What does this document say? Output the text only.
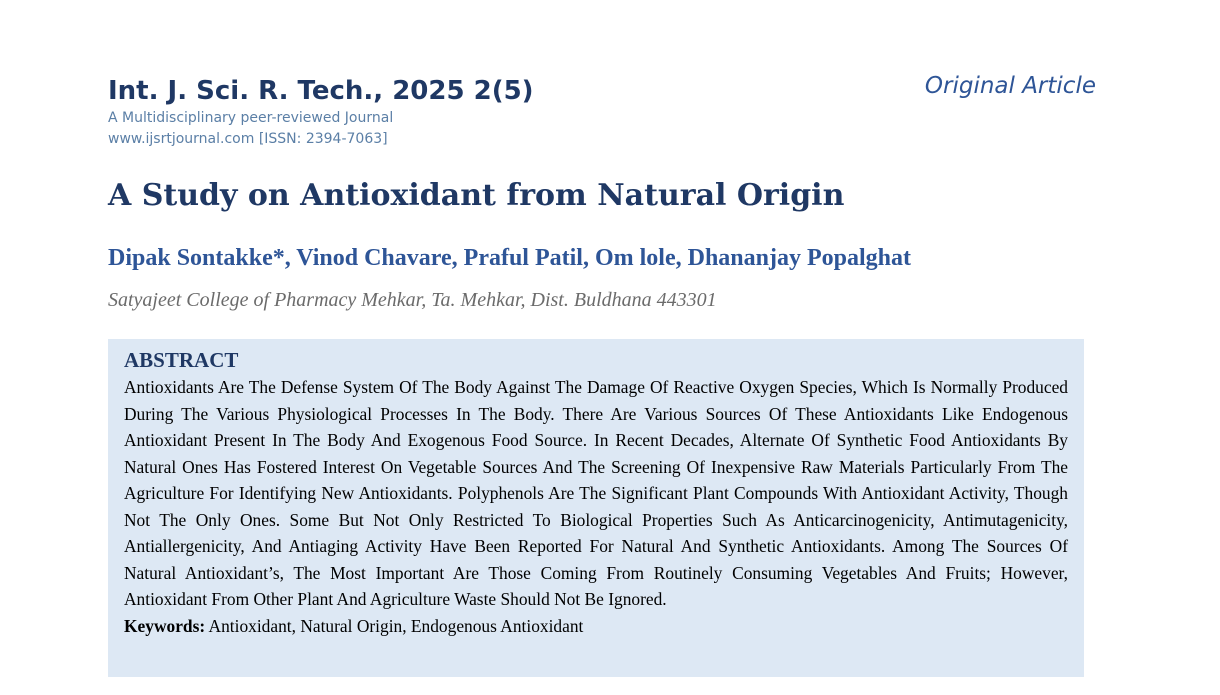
Int. J. Sci. R. Tech., 2025 2(5)
A Multidisciplinary peer-reviewed Journal
www.ijsrtjournal.com [ISSN: 2394-7063]
Original Article
A Study on Antioxidant from Natural Origin
Dipak Sontakke*, Vinod Chavare, Praful Patil, Om lole, Dhananjay Popalghat
Satyajeet College of Pharmacy Mehkar, Ta. Mehkar, Dist. Buldhana 443301
ABSTRACT

Antioxidants Are The Defense System Of The Body Against The Damage Of Reactive Oxygen Species, Which Is Normally Produced During The Various Physiological Processes In The Body. There Are Various Sources Of These Antioxidants Like Endogenous Antioxidant Present In The Body And Exogenous Food Source. In Recent Decades, Alternate Of Synthetic Food Antioxidants By Natural Ones Has Fostered Interest On Vegetable Sources And The Screening Of Inexpensive Raw Materials Particularly From The Agriculture For Identifying New Antioxidants. Polyphenols Are The Significant Plant Compounds With Antioxidant Activity, Though Not The Only Ones. Some But Not Only Restricted To Biological Properties Such As Anticarcinogenicity, Antimutagenicity, Antiallergenicity, And Antiaging Activity Have Been Reported For Natural And Synthetic Antioxidants. Among The Sources Of Natural Antioxidant’s, The Most Important Are Those Coming From Routinely Consuming Vegetables And Fruits; However, Antioxidant From Other Plant And Agriculture Waste Should Not Be Ignored.

Keywords: Antioxidant, Natural Origin, Endogenous Antioxidant
